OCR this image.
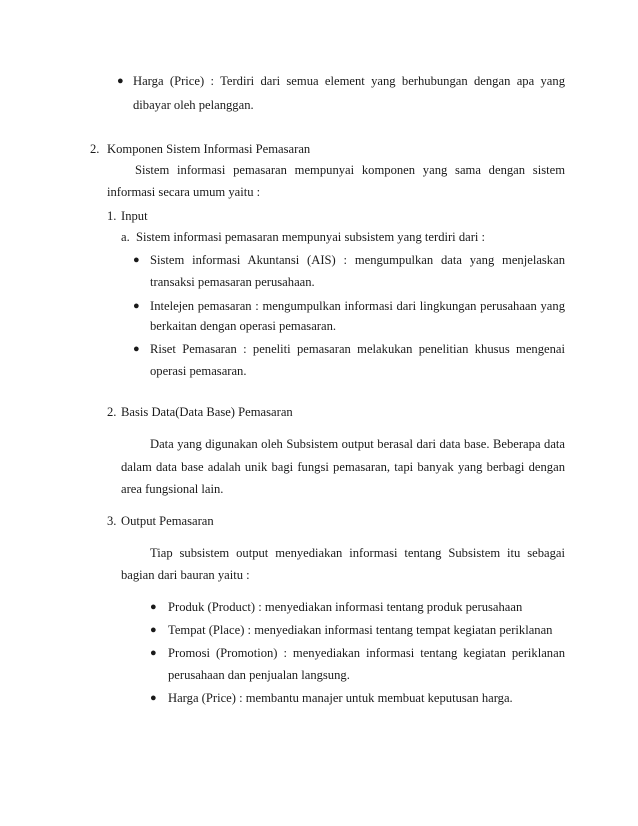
● Harga (Price) : Terdiri dari semua element yang berhubungan dengan apa yang
dibayar oleh pelanggan.
2. Komponen Sistem Informasi Pemasaran
Sistem informasi pemasaran mempunyai komponen yang sama dengan sistem
informasi secara umum yaitu :
1. Input
a. Sistem informasi pemasaran mempunyai subsistem yang terdiri dari :
● Sistem informasi Akuntansi (AIS) : mengumpulkan data yang menjelaskan
transaksi pemasaran perusahaan.
● Intelejen pemasaran : mengumpulkan informasi dari lingkungan perusahaan yang
berkaitan dengan operasi pemasaran.
● Riset Pemasaran : peneliti pemasaran melakukan penelitian khusus mengenai
operasi pemasaran.
2. Basis Data(Data Base) Pemasaran
Data yang digunakan oleh Subsistem output berasal dari data base. Beberapa data
dalam data base adalah unik bagi fungsi pemasaran, tapi banyak yang berbagi dengan
area fungsional lain.
3. Output Pemasaran
Tiap subsistem output menyediakan informasi tentang Subsistem itu sebagai
bagian dari bauran yaitu :
● Produk (Product) : menyediakan informasi tentang produk perusahaan
● Tempat (Place) : menyediakan informasi tentang tempat kegiatan periklanan
● Promosi (Promotion) : menyediakan informasi tentang kegiatan periklanan
perusahaan dan penjualan langsung.
● Harga (Price) : membantu manajer untuk membuat keputusan harga.
